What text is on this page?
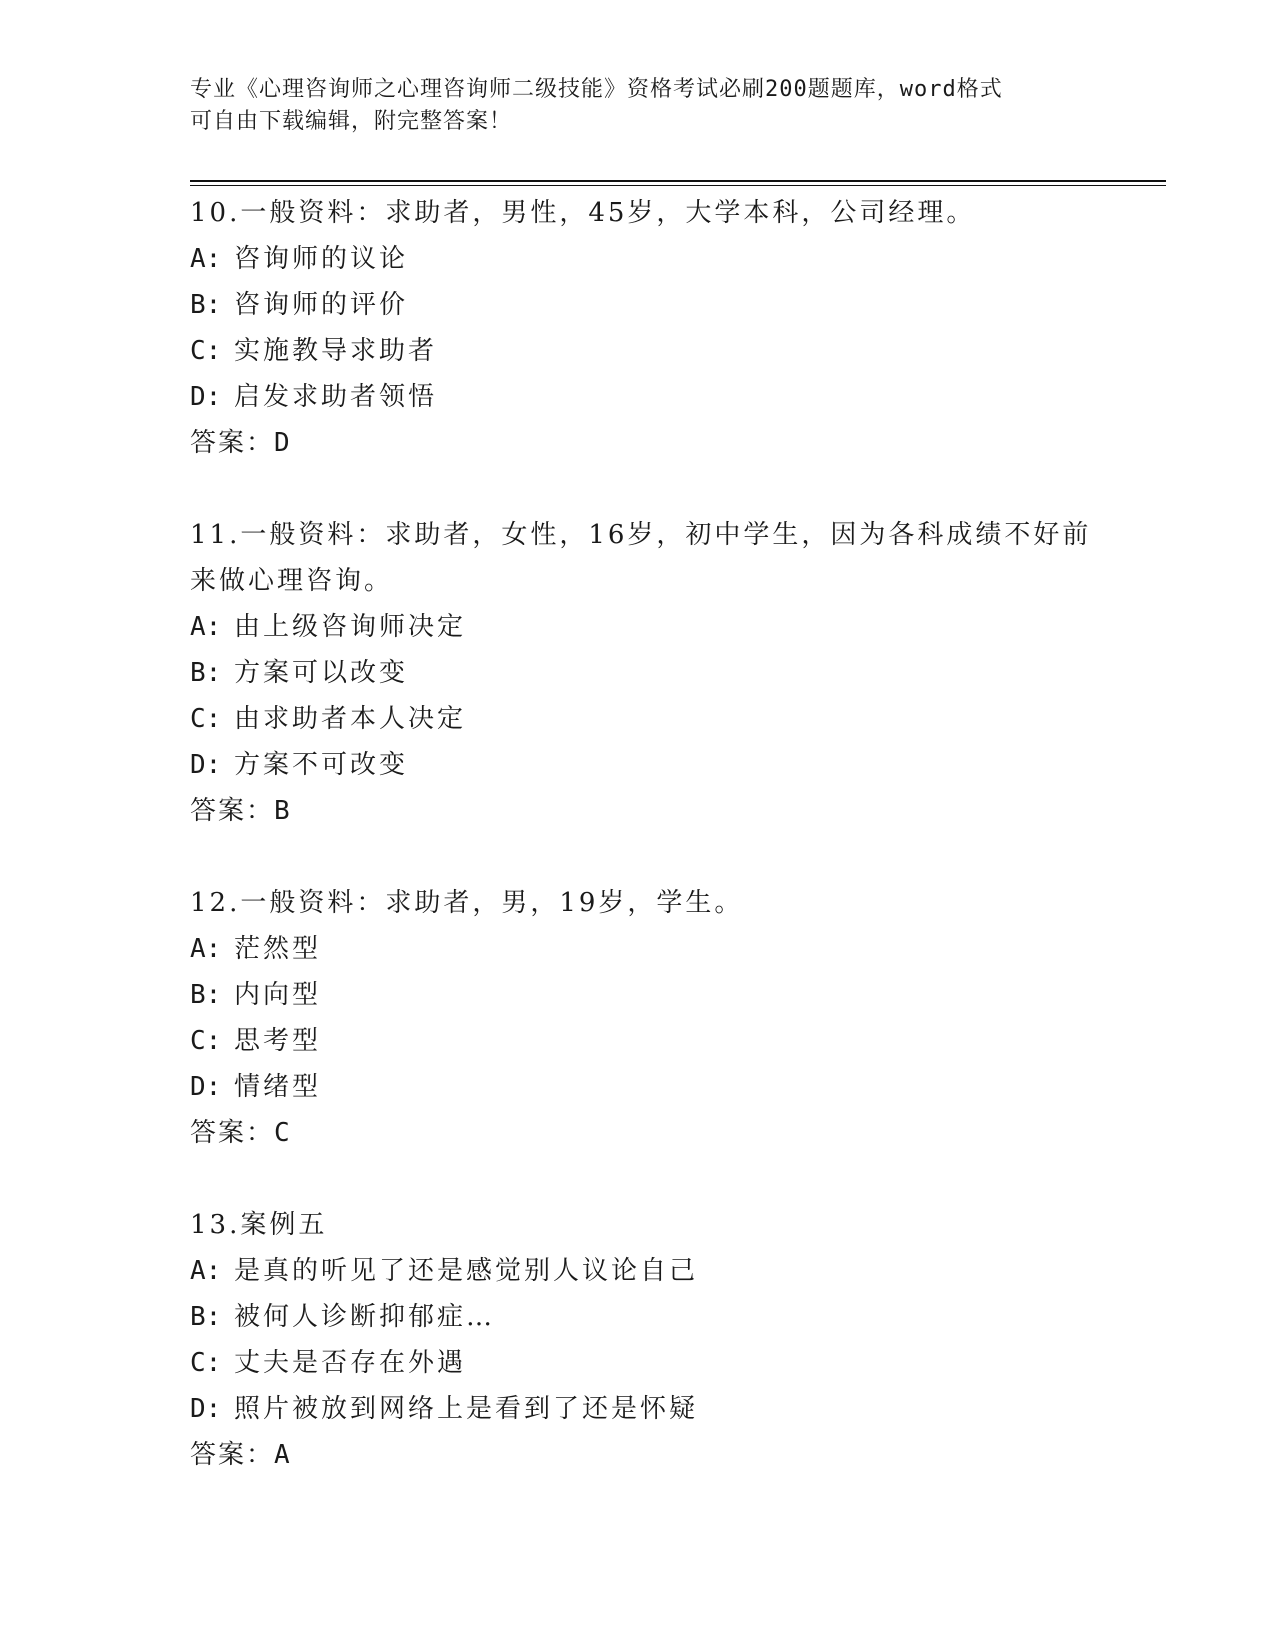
专业《心理咨询师之心理咨询师二级技能》资格考试必刷200题题库，word格式
可自由下载编辑，附完整答案！
10.一般资料：求助者，男性，45岁，大学本科，公司经理。
A: 咨询师的议论
B: 咨询师的评价
C: 实施教导求助者
D: 启发求助者领悟
答案：D
11.一般资料：求助者，女性，16岁，初中学生，因为各科成绩不好前
来做心理咨询。
A: 由上级咨询师决定
B: 方案可以改变
C: 由求助者本人决定
D: 方案不可改变
答案：B
12.一般资料：求助者，男，19岁，学生。
A: 茫然型
B: 内向型
C: 思考型
D: 情绪型
答案：C
13.案例五
A: 是真的听见了还是感觉别人议论自己
B: 被何人诊断抑郁症…
C: 丈夫是否存在外遇
D: 照片被放到网络上是看到了还是怀疑
答案：A
